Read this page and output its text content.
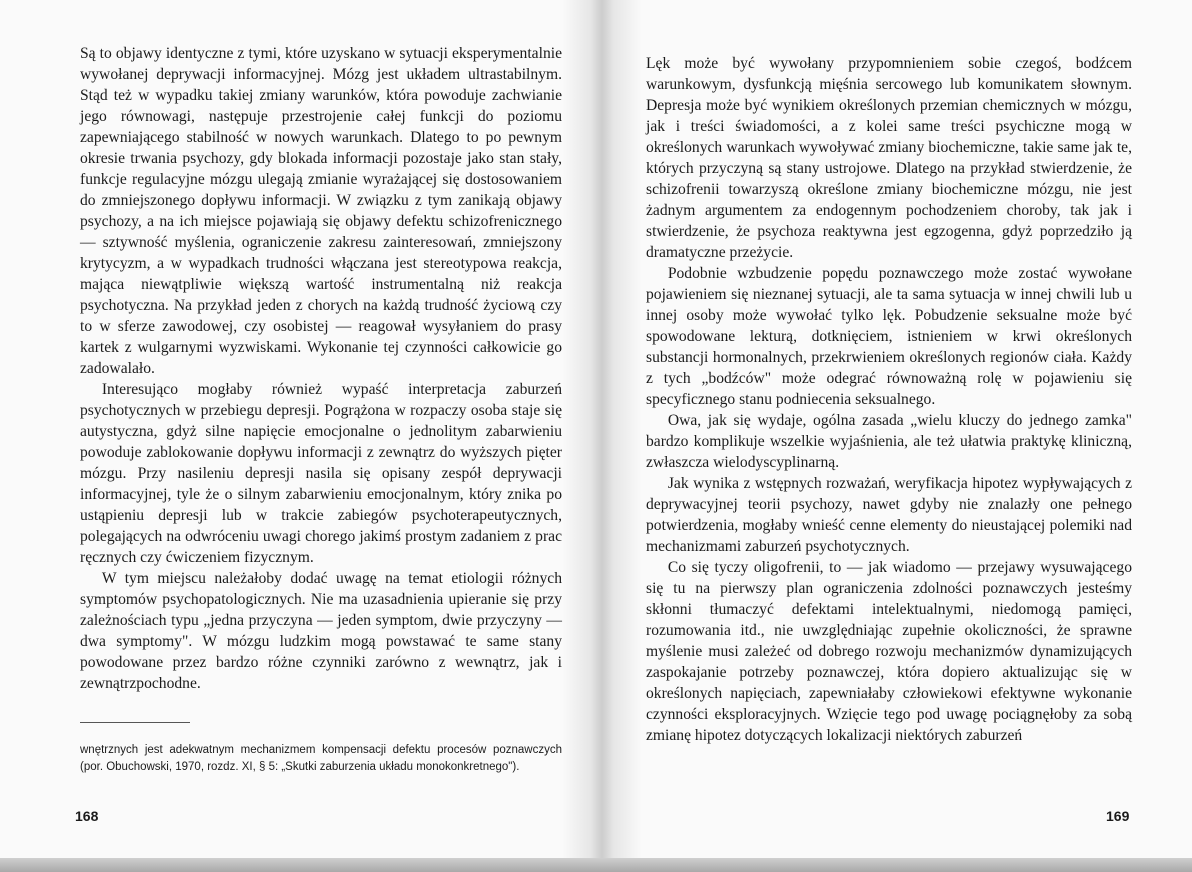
Są to objawy identyczne z tymi, które uzyskano w sytuacji eksperymentalnie wywołanej deprywacji informacyjnej. Mózg jest układem ultrastabilnym. Stąd też w wypadku takiej zmiany warunków, która powoduje zachwianie jego równowagi, następuje przestrojenie całej funkcji do poziomu zapewniającego stabilność w nowych warunkach. Dlatego to po pewnym okresie trwania psychozy, gdy blokada informacji pozostaje jako stan stały, funkcje regulacyjne mózgu ulegają zmianie wyrażającej się dostosowaniem do zmniejszonego dopływu informacji. W związku z tym zanikają objawy psychozy, a na ich miejsce pojawiają się objawy defektu schizofrenicznego — sztywność myślenia, ograniczenie zakresu zainteresowań, zmniejszony krytycyzm, a w wypadkach trudności włączana jest stereotypowa reakcja, mająca niewątpliwie większą wartość instrumentalną niż reakcja psychotyczna. Na przykład jeden z chorych na każdą trudność życiową czy to w sferze zawodowej, czy osobistej — reagował wysyłaniem do prasy kartek z wulgarnymi wyzwiskami. Wykonanie tej czynności całkowicie go zadowalało.

Interesująco mogłaby również wypaść interpretacja zaburzeń psychotycznych w przebiegu depresji. Pogrążona w rozpaczy osoba staje się autystyczna, gdyż silne napięcie emocjonalne o jednolitym zabarwieniu powoduje zablokowanie dopływu informacji z zewnątrz do wyższych pięter mózgu. Przy nasileniu depresji nasila się opisany zespół deprywacji informacyjnej, tyle że o silnym zabarwieniu emocjonalnym, który znika po ustąpieniu depresji lub w trakcie zabiegów psychoterapeutycznych, polegających na odwróceniu uwagi chorego jakimś prostym zadaniem z prac ręcznych czy ćwiczeniem fizycznym.

W tym miejscu należałoby dodać uwagę na temat etiologii różnych symptomów psychopatologicznych. Nie ma uzasadnienia upieranie się przy zależnościach typu „jedna przyczyna — jeden symptom, dwie przyczyny — dwa symptomy". W mózgu ludzkim mogą powstawać te same stany powodowane przez bardzo różne czynniki zarówno z wewnątrz, jak i zewnątrzpochodne.

wnętrznych jest adekwatnym mechanizmem kompensacji defektu procesów poznawczych (por. Obuchowski, 1970, rozdz. XI, § 5: „Skutki zaburzenia układu monokonkretnego").
168

Lęk może być wywołany przypomnieniem sobie czegoś, bodźcem warunkowym, dysfunkcją mięśnia sercowego lub komunikatem słownym. Depresja może być wynikiem określonych przemian chemicznych w mózgu, jak i treści świadomości, a z kolei same treści psychiczne mogą w określonych warunkach wywoływać zmiany biochemiczne, takie same jak te, których przyczyną są stany ustrojowe. Dlatego na przykład stwierdzenie, że schizofrenii towarzyszą określone zmiany biochemiczne mózgu, nie jest żadnym argumentem za endogennym pochodzeniem choroby, tak jak i stwierdzenie, że psychoza reaktywna jest egzogenna, gdyż poprzedziło ją dramatyczne przeżycie.

Podobnie wzbudzenie popędu poznawczego może zostać wywołane pojawieniem się nieznanej sytuacji, ale ta sama sytuacja w innej chwili lub u innej osoby może wywołać tylko lęk. Pobudzenie seksualne może być spowodowane lekturą, dotknięciem, istnieniem w krwi określonych substancji hormonalnych, przekrwieniem określonych regionów ciała. Każdy z tych „bodźców" może odegrać równoważną rolę w pojawieniu się specyficznego stanu podniecenia seksualnego.

Owa, jak się wydaje, ogólna zasada „wielu kluczy do jednego zamka" bardzo komplikuje wszelkie wyjaśnienia, ale też ułatwia praktykę kliniczną, zwłaszcza wielodyscyplinarną.

Jak wynika z wstępnych rozważań, weryfikacja hipotez wypływających z deprywacyjnej teorii psychozy, nawet gdyby nie znalazły one pełnego potwierdzenia, mogłaby wnieść cenne elementy do nieustającej polemiki nad mechanizmami zaburzeń psychotycznych.

Co się tyczy oligofrenii, to — jak wiadomo — przejawy wysuwającego się tu na pierwszy plan ograniczenia zdolności poznawczych jesteśmy skłonni tłumaczyć defektami intelektualnymi, niedomogą pamięci, rozumowania itd., nie uwzględniając zupełnie okoliczności, że sprawne myślenie musi zależeć od dobrego rozwoju mechanizmów dynamizujących zaspokajanie potrzeby poznawczej, która dopiero aktualizując się w określonych napięciach, zapewniałaby człowiekowi efektywne wykonanie czynności eksploracyjnych. Wzięcie tego pod uwagę pociągnęłoby za sobą zmianę hipotez dotyczących lokalizacji niektórych zaburzeń

169
